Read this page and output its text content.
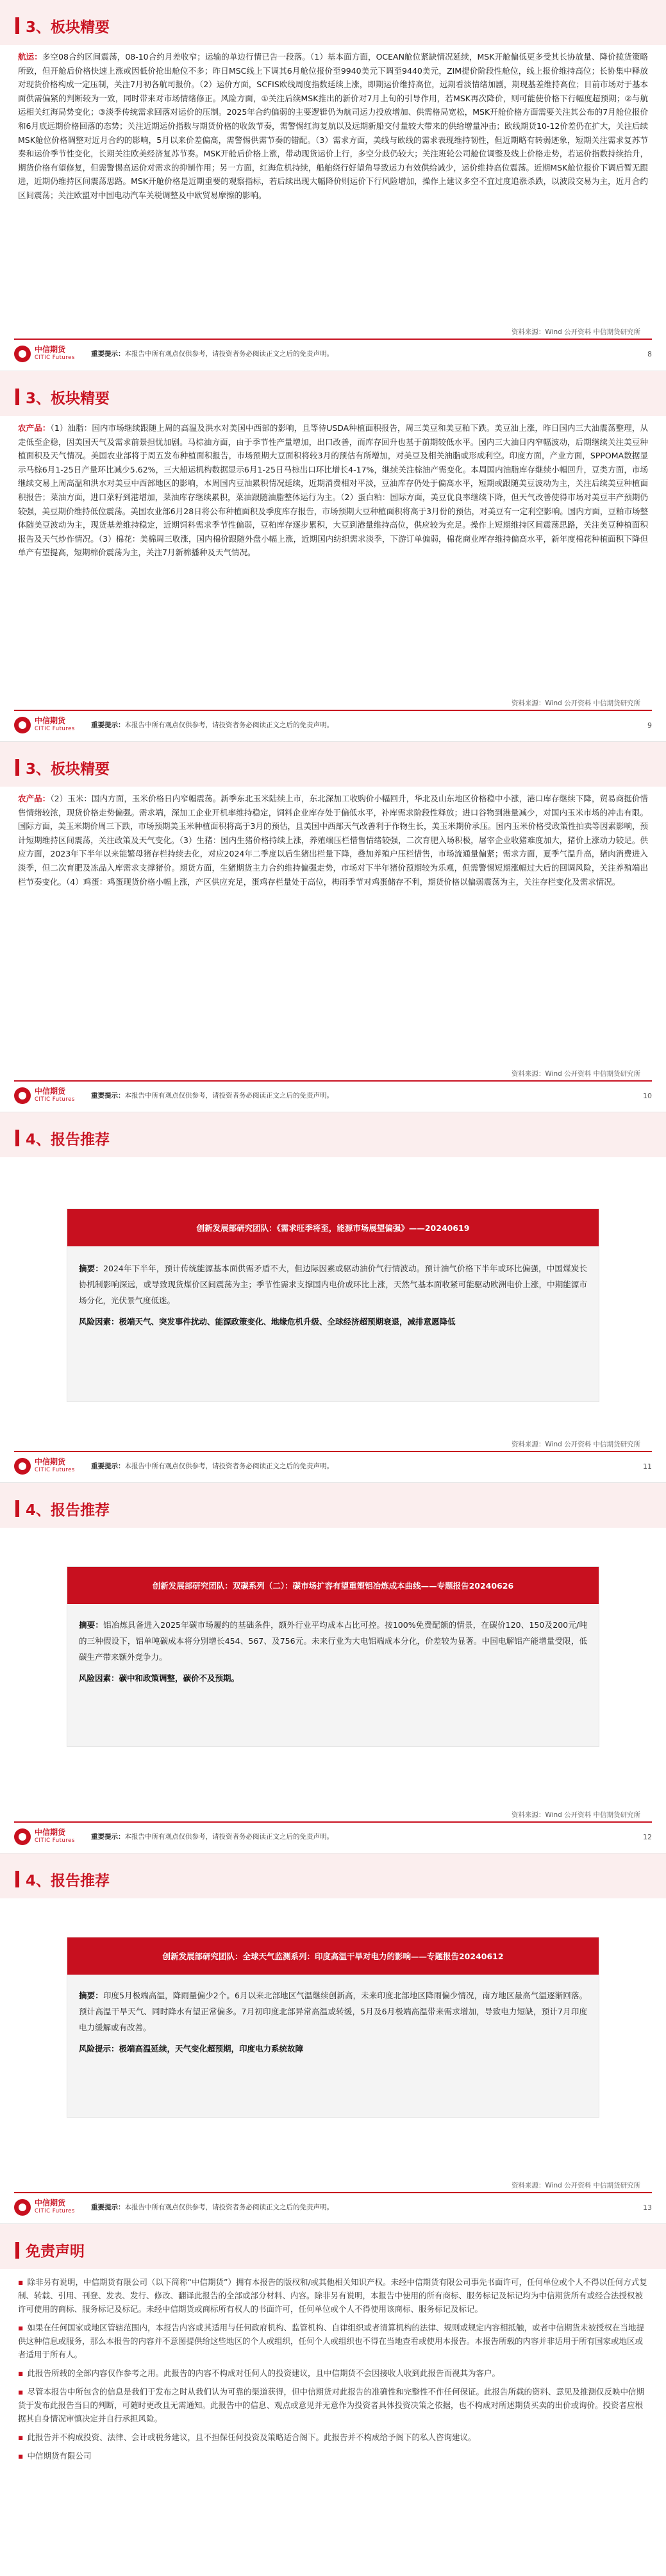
3、板块精要

航运：多空08合约区间震荡，08-10合约月差收窄；运输的单边行情已告一段落。（1）基本面方面，OCEAN舱位紧缺情况延续，MSK开舱偏低更多受其长协放量、降价揽货策略所致，但开舱后价格快速上涨或因低价抢出舱位不多；昨日MSC线上下调其6月舱位报价至9940美元下调至9440美元，ZIM提价阶段性舱位，线上报价维持高位；长协集中释放对现货价格构成一定压制，关注7月初各航司报价。（2）运价方面，SCFIS欧线周度指数延续上涨，即期运价维持高位，远期看淡情绪加剧，期现基差维持高位；目前市场对于基本面供需偏紧的判断较为一致，同时带来对市场情绪修正。风险方面，①关注后续MSK推出的新价对7月上旬的引导作用，若MSK再次降价，则可能使价格下行幅度超预期；②与航运相关红海局势变化；③淡季传统需求回落对运价的压制。2025年合约偏弱的主要逻辑仍为航司运力投放增加、供需格局宽松，MSK开舱价格方面需要关注其公布的7月舱位报价和6月底远期价格回落的态势；关注近期运价指数与期货价格的收敛节奏，需警惕红海复航以及远期新船交付量较大带来的供给增量冲击；欧线期货10-12价差仍在扩大，关注后续MSK舱位价格调整对近月合约的影响，5月以来价差偏高，需警惕供需节奏的错配。（3）需求方面，美线与欧线的需求表现维持韧性，但近期略有转弱迹象，短期关注需求复苏节奏和运价季节性变化，长期关注欧美经济复苏节奏。MSK开舱后价格上涨，带动现货运价上行，多空分歧仍较大；关注班轮公司舱位调整及线上价格走势，若运价指数持续抬升，期货价格有望修复，但需警惕高运价对需求的抑制作用；另一方面，红海危机持续，船舶绕行好望角导致运力有效供给减少，运价维持高位震荡。近期MSK舱位报价下调后暂无跟进，近期仍维持区间震荡思路。MSK开舱价格是近期重要的观察指标，若后续出现大幅降价则运价下行风险增加，操作上建议多空不宜过度追涨杀跌，以波段交易为主，近月合约区间震荡；关注欧盟对中国电动汽车关税调整及中欧贸易摩擦的影响。

资料来源：Wind 公开资料 中信期货研究所
中信期货
CITIC Futures 重要提示：本报告中所有观点仅供参考，请投资者务必阅读正文之后的免责声明。	8
3、板块精要

农产品：（1）油脂：国内市场继续跟随上周的高温及洪水对美国中西部的影响，且等待USDA种植面积报告，周三美豆和美豆粕下跌。美豆油上涨，昨日国内三大油震荡整理，从走低至企稳，因美国天气及需求前景担忧加剧。马棕油方面，由于季节性产量增加，出口改善，而库存回升也基于前期较低水平。国内三大油日内窄幅波动，后期继续关注美豆种植面积及天气情况。美国农业部将于周五发布种植面积报告，市场预期大豆面积将较3月的预估有所增加，对美豆及相关油脂或形成利空。印度方面，产业方面，SPPOMA数据显示马棕6月1-25日产量环比减少5.62%，三大船运机构数据显示6月1-25日马棕出口环比增长4-17%，继续关注棕油产需变化。本周国内油脂库存继续小幅回升，豆类方面，市场继续交易上周高温和洪水对美豆中西部地区的影响，本周国内豆油累积情况延续，近期消费相对平淡，豆油库存仍处于偏高水平，短期或跟随美豆波动为主，关注后续美豆种植面积报告；菜油方面，进口菜籽到港增加，菜油库存继续累积，菜油跟随油脂整体运行为主。（2）蛋白粕：国际方面，美豆优良率继续下降，但天气改善使得市场对美豆丰产预期仍较强，美豆期价维持低位震荡。美国农业部6月28日将公布种植面积及季度库存报告，市场预期大豆种植面积将高于3月份的预估，对美豆有一定利空影响。国内方面，豆粕市场整体随美豆波动为主，现货基差维持稳定，近期饲料需求季节性偏弱，豆粕库存逐步累积，大豆到港量维持高位，供应较为充足。操作上短期维持区间震荡思路，关注美豆种植面积报告及天气炒作情况。（3）棉花：美棉周三收涨，国内棉价跟随外盘小幅上涨，近期国内纺织需求淡季，下游订单偏弱，棉花商业库存维持偏高水平，新年度棉花种植面积下降但单产有望提高，短期棉价震荡为主，关注7月新棉播种及天气情况。

资料来源：Wind 公开资料 中信期货研究所
中信期货
CITIC Futures 重要提示：本报告中所有观点仅供参考，请投资者务必阅读正文之后的免责声明。	9
3、板块精要

农产品：（2）玉米：国内方面，玉米价格日内窄幅震荡。新季东北玉米陆续上市，东北深加工收购价小幅回升，华北及山东地区价格稳中小涨，港口库存继续下降，贸易商挺价惜售情绪较浓，现货价格走势偏强。需求端，深加工企业开机率维持稳定，饲料企业库存处于偏低水平，补库需求阶段性释放；进口谷物到港量减少，对国内玉米市场的冲击有限。国际方面，美玉米期价周三下跌，市场预期美玉米种植面积将高于3月的预估，且美国中西部天气改善利于作物生长，美玉米期价承压。国内玉米价格受政策性拍卖等因素影响，预计短期维持区间震荡，关注政策及天气变化。（3）生猪：国内生猪价格持续上涨，养殖端压栏惜售情绪较强，二次育肥入场积极，屠宰企业收猪难度加大，猪价上涨动力较足。供应方面，2023年下半年以来能繁母猪存栏持续去化，对应2024年二季度以后生猪出栏量下降，叠加养殖户压栏惜售，市场流通量偏紧；需求方面，夏季气温升高，猪肉消费进入淡季，但二次育肥及冻品入库需求支撑猪价。期货方面，生猪期货主力合约维持偏强走势，市场对下半年猪价预期较为乐观，但需警惕短期涨幅过大后的回调风险，关注养殖端出栏节奏变化。（4）鸡蛋：鸡蛋现货价格小幅上涨，产区供应充足，蛋鸡存栏量处于高位，梅雨季节对鸡蛋储存不利，期货价格以偏弱震荡为主，关注存栏变化及需求情况。

资料来源：Wind 公开资料 中信期货研究所
中信期货
CITIC Futures 重要提示：本报告中所有观点仅供参考，请投资者务必阅读正文之后的免责声明。	10
4、报告推荐
创新发展部研究团队：《需求旺季将至，能源市场展望偏强》——20240619

摘要：2024年下半年，预计传统能源基本面供需矛盾不大，但边际因素或驱动油价气行情波动。预计油气价格下半年或环比偏强，中国煤炭长协机制影响深远，或导致现货煤价区间震荡为主；季节性需求支撑国内电价或环比上涨，天然气基本面收紧可能驱动欧洲电价上涨，中期能源市场分化，光伏景气度低迷。

风险因素：极端天气、突发事件扰动、能源政策变化、地缘危机升级、全球经济超预期衰退，减排意愿降低

资料来源：Wind 公开资料 中信期货研究所
中信期货
CITIC Futures 重要提示：本报告中所有观点仅供参考，请投资者务必阅读正文之后的免责声明。	11
4、报告推荐
创新发展部研究团队：双碳系列（二）：碳市场扩容有望重塑铝冶炼成本曲线——专题报告20240626

摘要：铝冶炼具备进入2025年碳市场履约的基础条件，额外行业平均成本占比可控。按100%免费配额的情景，在碳价120、150及200元/吨的三种假设下，铝单吨碳成本将分别增长454、567、及756元。未来行业为大电铝端成本分化，价差较为显著。中国电解铝产能增量受限，低碳生产带来额外竞争力。

风险因素：碳中和政策调整，碳价不及预期。

资料来源：Wind 公开资料 中信期货研究所
中信期货
CITIC Futures 重要提示：本报告中所有观点仅供参考，请投资者务必阅读正文之后的免责声明。	12
4、报告推荐
创新发展部研究团队：全球天气监测系列：印度高温干旱对电力的影响——专题报告20240612

摘要：印度5月极端高温，降雨量偏少2个。6月以来北部地区气温继续创新高，未来印度北部地区降雨偏少情况，南方地区最高气温逐渐回落。预计高温干旱天气、同时降水有望正常偏多。7月初印度北部异常高温或转缓，5月及6月极端高温带来需求增加，导致电力短缺，预计7月印度电力缓解或有改善。

风险提示：极端高温延续，天气变化超预期，印度电力系统故障

资料来源：Wind 公开资料 中信期货研究所
中信期货
CITIC Futures 重要提示：本报告中所有观点仅供参考，请投资者务必阅读正文之后的免责声明。	13
免责声明

▪ 除非另有说明，中信期货有限公司（以下简称“中信期货”）拥有本报告的版权和/或其他相关知识产权。未经中信期货有限公司事先书面许可，任何单位或个人不得以任何方式复制、转载、引用、刊登、发表、发行、修改、翻译此报告的全部或部分材料、内容。除非另有说明，本报告中使用的所有商标、服务标记及标记均为中信期货所有或经合法授权被许可使用的商标、服务标记及标记。未经中信期货或商标所有权人的书面许可，任何单位或个人不得使用该商标、服务标记及标记。

▪ 如果在任何国家或地区管辖范围内，本报告内容或其适用与任何政府机构、监管机构、自律组织或者清算机构的法律、规则或规定内容相抵触，或者中信期货未被授权在当地提供这种信息或服务，那么本报告的内容并不意图提供给这些地区的个人或组织，任何个人或组织也不得在当地查看或使用本报告。本报告所载的内容并非适用于所有国家或地区或者适用于所有人。

▪ 此报告所载的全部内容仅作参考之用。此报告的内容不构成对任何人的投资建议，且中信期货不会因接收人收到此报告而视其为客户。

▪ 尽管本报告中所包含的信息是我们于发布之时从我们认为可靠的渠道获得，但中信期货对此报告的准确性和完整性不作任何保证。此报告所载的资料、意见及推测仅反映中信期货于发布此报告当日的判断，可随时更改且无需通知。此报告中的信息、观点或意见并无意作为投资者具体投资决策之依据，也不构成对所述期货买卖的出价或询价。投资者应根据其自身情况审慎决定并自行承担风险。

▪ 此报告并不构成投资、法律、会计或税务建议，且不担保任何投资及策略适合阁下。此报告并不构成给予阁下的私人咨询建议。

▪ 中信期货有限公司
